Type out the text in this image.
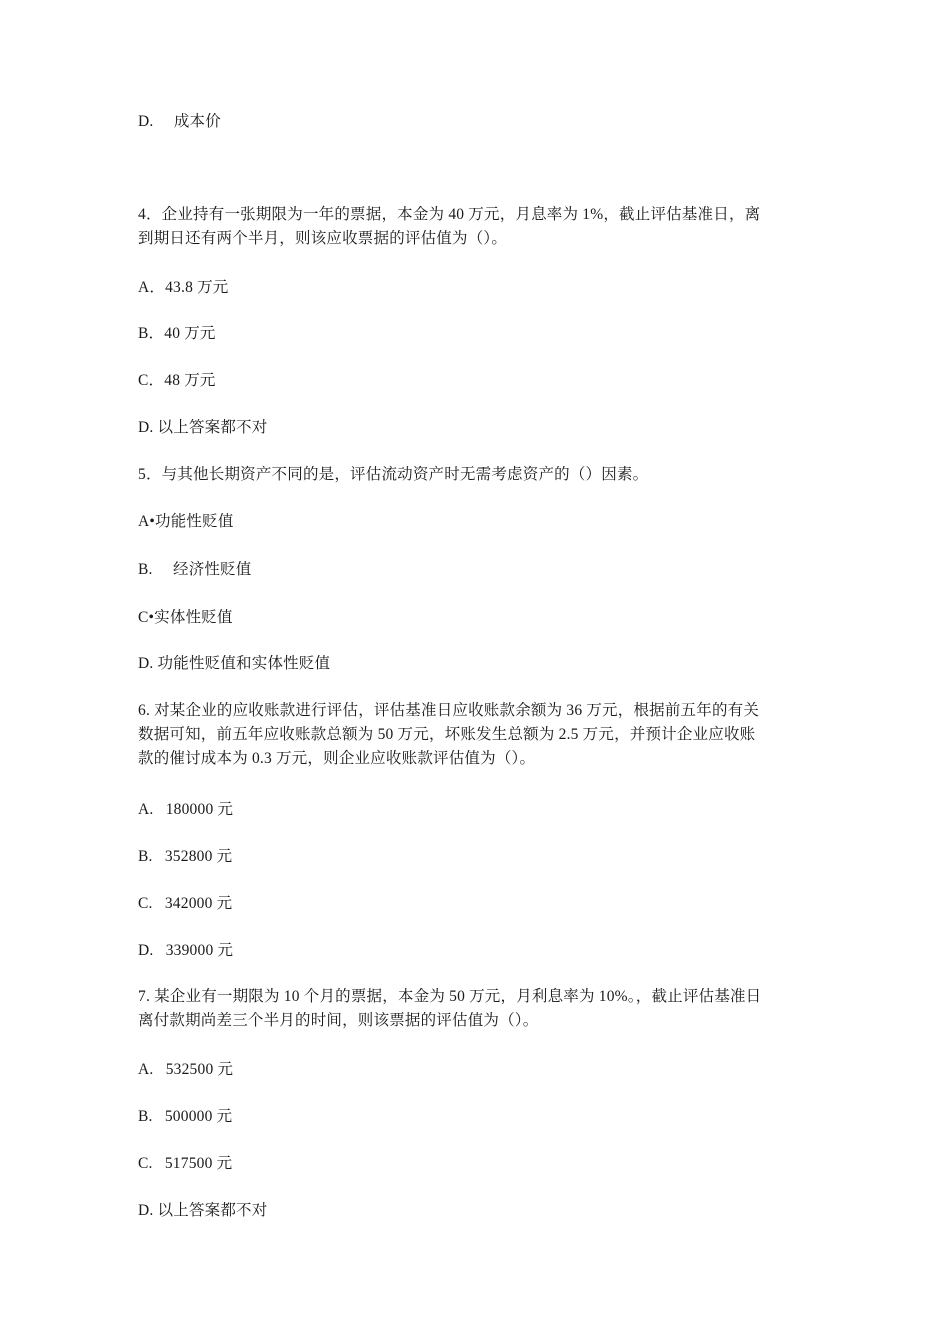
D.     成本价
4．企业持有一张期限为一年的票据，本金为 40 万元，月息率为 1%，截止评估基准日，离
到期日还有两个半月，则该应收票据的评估值为（）。
A．43.8 万元
B．40 万元
C．48 万元
D. 以上答案都不对
5．与其他长期资产不同的是，评估流动资产时无需考虑资产的（）因素。
A•功能性贬值
B.     经济性贬值
C•实体性贬值
D. 功能性贬值和实体性贬值
6. 对某企业的应收账款进行评估，评估基准日应收账款余额为 36 万元，根据前五年的有关
数据可知，前五年应收账款总额为 50 万元，坏账发生总额为 2.5 万元，并预计企业应收账
款的催讨成本为 0.3 万元，则企业应收账款评估值为（）。
A.   180000 元
B.   352800 元
C.   342000 元
D.   339000 元
7. 某企业有一期限为 10 个月的票据，本金为 50 万元，月利息率为 10%。，截止评估基准日
离付款期尚差三个半月的时间，则该票据的评估值为（）。
A.   532500 元
B.   500000 元
C.   517500 元
D. 以上答案都不对
